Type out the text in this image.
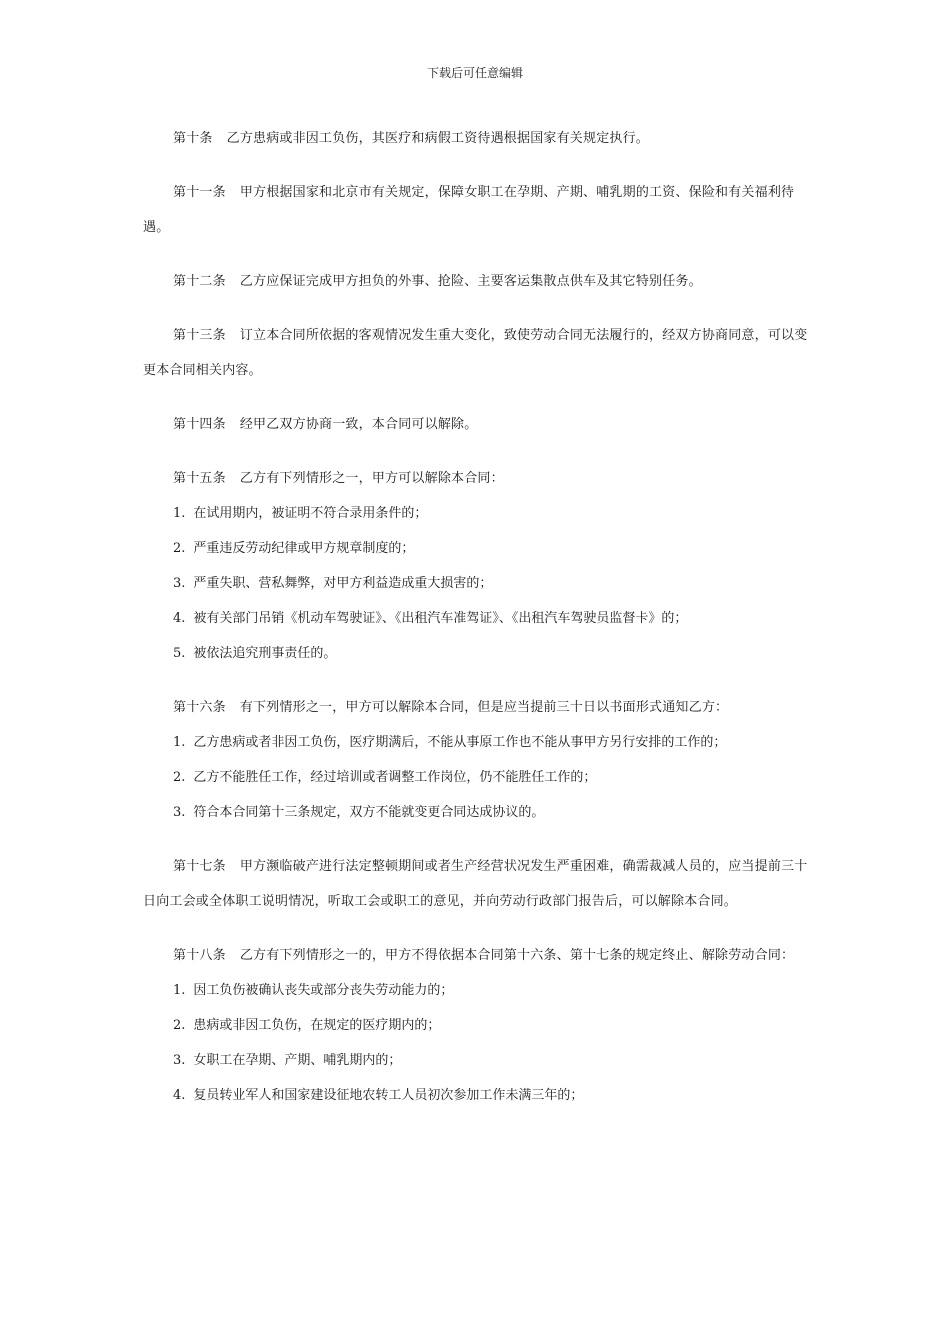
下载后可任意编辑

第十条 乙方患病或非因工负伤，其医疗和病假工资待遇根据国家有关规定执行。

第十一条 甲方根据国家和北京市有关规定，保障女职工在孕期、产期、哺乳期的工资、保险和有关福利待遇。

第十二条 乙方应保证完成甲方担负的外事、抢险、主要客运集散点供车及其它特别任务。

第十三条 订立本合同所依据的客观情况发生重大变化，致使劳动合同无法履行的，经双方协商同意，可以变更本合同相关内容。

第十四条 经甲乙双方协商一致，本合同可以解除。

第十五条 乙方有下列情形之一，甲方可以解除本合同：

1. 在试用期内，被证明不符合录用条件的；

2. 严重违反劳动纪律或甲方规章制度的；

3. 严重失职、营私舞弊，对甲方利益造成重大损害的；

4. 被有关部门吊销《机动车驾驶证》、《出租汽车准驾证》、《出租汽车驾驶员监督卡》的；

5. 被依法追究刑事责任的。

第十六条 有下列情形之一，甲方可以解除本合同，但是应当提前三十日以书面形式通知乙方：

1. 乙方患病或者非因工负伤，医疗期满后，不能从事原工作也不能从事甲方另行安排的工作的；

2. 乙方不能胜任工作，经过培训或者调整工作岗位，仍不能胜任工作的；

3. 符合本合同第十三条规定，双方不能就变更合同达成协议的。

第十七条 甲方濒临破产进行法定整顿期间或者生产经营状况发生严重困难，确需裁减人员的，应当提前三十日向工会或全体职工说明情况，听取工会或职工的意见，并向劳动行政部门报告后，可以解除本合同。

第十八条 乙方有下列情形之一的，甲方不得依据本合同第十六条、第十七条的规定终止、解除劳动合同：

1. 因工负伤被确认丧失或部分丧失劳动能力的；

2. 患病或非因工负伤，在规定的医疗期内的；

3. 女职工在孕期、产期、哺乳期内的；

4. 复员转业军人和国家建设征地农转工人员初次参加工作未满三年的；
